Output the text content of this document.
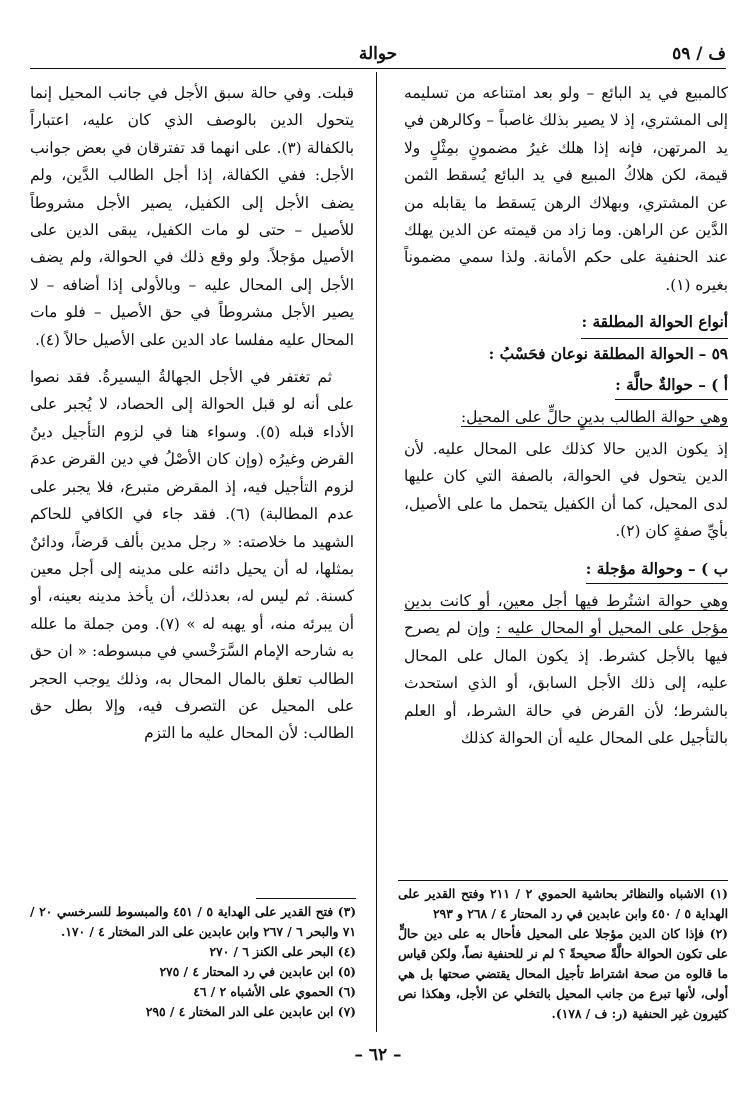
ف / ٥٩
حوالة

كالمبيع في يد البائع – ولو بعد امتناعه من تسليمه إلى المشتري، إذ لا يصير بذلك غاصباً – وكالرهن في يد المرتهن، فإنه إذا هلك غيرُ مضمونٍ بمِثْلٍ ولا قيمة، لكن هلاكُ المبيع في يد البائع يُسقط الثمن عن المشتري، وبهلاك الرهن يَسقط ما يقابله من الدَّين عن الراهن. وما زاد من قيمته عن الدين يهلك عند الحنفية على حكم الأمانة. ولذا سمي مضموناً بغيره (١).

أنواع الحوالة المطلقة :

٥٩ – الحوالة المطلقة نوعان فحَسْبُ :

أ ) – حوالةٌ حالَّة :

وهي حوالة الطالب بدينٍ حالٍّ على المحيل:

إذ يكون الدين حالا كذلك على المحال عليه. لأن الدين يتحول في الحوالة، بالصفة التي كان عليها لدى المحيل، كما أن الكفيل يتحمل ما على الأصيل، بأيِّ صفةٍ كان (٢).

ب ) – وحوالة مؤجلة :

وهي حوالة اشتُرط فيها أجل معين، أو كانت بدين مؤجل على المحيل أو المحال عليه : وإن لم يصرح فيها بالأجل كشرط. إذ يكون المال على المحال عليه، إلى ذلك الأجل السابق، أو الذي استحدث بالشرط؛ لأن القرض في حالة الشرط، أو العلم بالتأجيل على المحال عليه أن الحوالة كذلك

قبلت. وفي حالة سبق الأجل في جانب المحيل إنما يتحول الدين بالوصف الذي كان عليه، اعتباراً بالكفالة (٣). على انهما قد تفترقان في بعض جوانب الأجل: ففي الكفالة، إذا أجل الطالب الدَّين، ولم يضف الأجل إلى الكفيل، يصير الأجل مشروطاً للأصيل – حتى لو مات الكفيل، يبقى الدين على الأصيل مؤجلاً. ولو وقع ذلك في الحوالة، ولم يضف الأجل إلى المحال عليه – وبالأولى إذا أضافه – لا يصير الأجل مشروطاً في حق الأصيل – فلو مات المحال عليه مفلسا عاد الدين على الأصيل حالاً (٤).

ثم تغتفر في الأجل الجهالةُ اليسيرةُ. فقد نصوا على أنه لو قبل الحوالة إلى الحصاد، لا يُجبر على الأداء قبله (٥). وسواء هنا في لزوم التأجيل دينُ القرض وغيرُه (وإن كان الأصْلُ في دين القرض عدمَ لزوم التأجيل فيه، إذ المقرض متبرع، فلا يجبر على عدم المطالبة) (٦). فقد جاء في الكافي للحاكم الشهيد ما خلاصته: « رجل مدين بألف قرضاً، ودائنٌ بمثلها، له أن يحيل دائنه على مدينه إلى أجل معين كسنة. ثم ليس له، بعدذلك، أن يأخذ مدينه بعينه، أو أن يبرئه منه، أو يهبه له » (٧). ومن جملة ما علله به شارحه الإمام السَّرَخْسي في مبسوطه: « ان حق الطالب تعلق بالمال المحال به، وذلك يوجب الحجر على المحيل عن التصرف فيه، وإلا بطل حق الطالب: لأن المحال عليه ما التزم

(١) الاشباه والنظائر بحاشية الحموي ٢ / ٢١١ وفتح القدير على الهداية ٥ / ٤٥٠ وابن عابدين في رد المحتار ٤ / ٢٦٨ و ٢٩٣

(٢) فإذا كان الدين مؤجلا على المحيل فأحال به على دين حالٍّ على تكون الحوالة حالَّةً صحيحةً ؟ لم نر للحنفية نصاً، ولكن قياس ما قالوه من صحة اشتراط تأجيل المحال يقتضي صحتها بل هي أولى، لأنها تبرع من جانب المحيل بالتخلي عن الأجل، وهكذا نص كثيرون غير الحنفية (ر: ف / ١٧٨).

(٣) فتح القدير على الهداية ٥ / ٤٥١ والمبسوط للسرخسي ٢٠ / ٧١ والبحر ٦ / ٢٦٧ وابن عابدين على الدر المختار ٤ / ١٧٠.

(٤) البحر على الكنز ٦ / ٢٧٠

(٥) ابن عابدين في رد المحتار ٤ / ٢٧٥

(٦) الحموي على الأشباه ٢ / ٤٦

(٧) ابن عابدين على الدر المختار ٤ / ٢٩٥

– ٦٢ –
